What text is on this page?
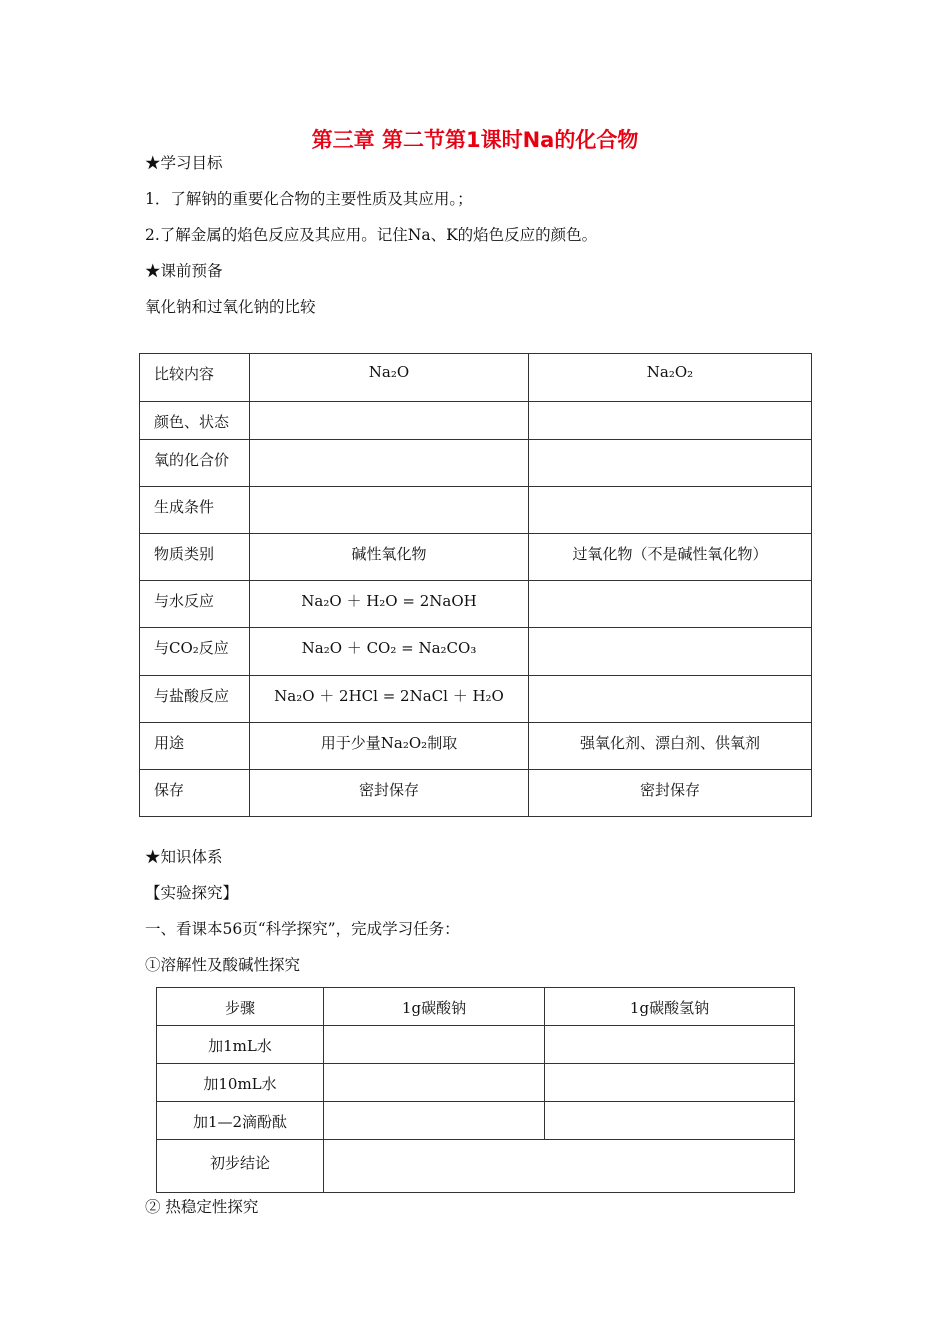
第三章 第二节第1课时Na的化合物
★学习目标
1．了解钠的重要化合物的主要性质及其应用。；
2.了解金属的焰色反应及其应用。记住Na、K的焰色反应的颜色。
★课前预备
氧化钠和过氧化钠的比较
比较内容	Na₂O	Na₂O₂
颜色、状态		
氧的化合价		
生成条件		
物质类别	碱性氧化物	过氧化物（不是碱性氧化物）
与水反应	Na₂O ＋ H₂O = 2NaOH	
与CO₂反应	Na₂O ＋ CO₂ = Na₂CO₃	
与盐酸反应	Na₂O ＋ 2HCl = 2NaCl ＋ H₂O	
用途	用于少量Na₂O₂制取	强氧化剂、漂白剂、供氧剂
保存	密封保存	密封保存
★知识体系
【实验探究】
一、看课本56页“科学探究”，完成学习任务：
①溶解性及酸碱性探究
步骤	1g碳酸钠	1g碳酸氢钠
加1mL水		
加10mL水		
加1—2滴酚酞		
初步结论		
② 热稳定性探究
